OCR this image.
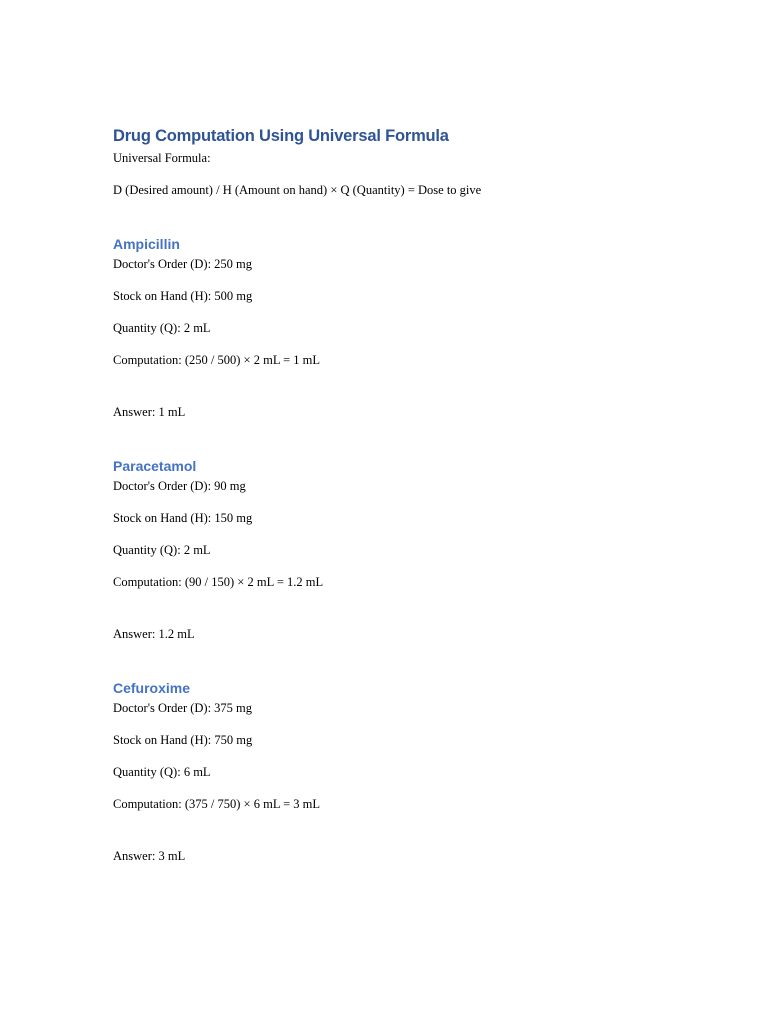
Drug Computation Using Universal Formula

Universal Formula:

D (Desired amount) / H (Amount on hand) × Q (Quantity) = Dose to give

Ampicillin

Doctor's Order (D): 250 mg

Stock on Hand (H): 500 mg

Quantity (Q): 2 mL

Computation: (250 / 500) × 2 mL = 1 mL

Answer: 1 mL

Paracetamol

Doctor's Order (D): 90 mg

Stock on Hand (H): 150 mg

Quantity (Q): 2 mL

Computation: (90 / 150) × 2 mL = 1.2 mL

Answer: 1.2 mL

Cefuroxime

Doctor's Order (D): 375 mg

Stock on Hand (H): 750 mg

Quantity (Q): 6 mL

Computation: (375 / 750) × 6 mL = 3 mL

Answer: 3 mL
